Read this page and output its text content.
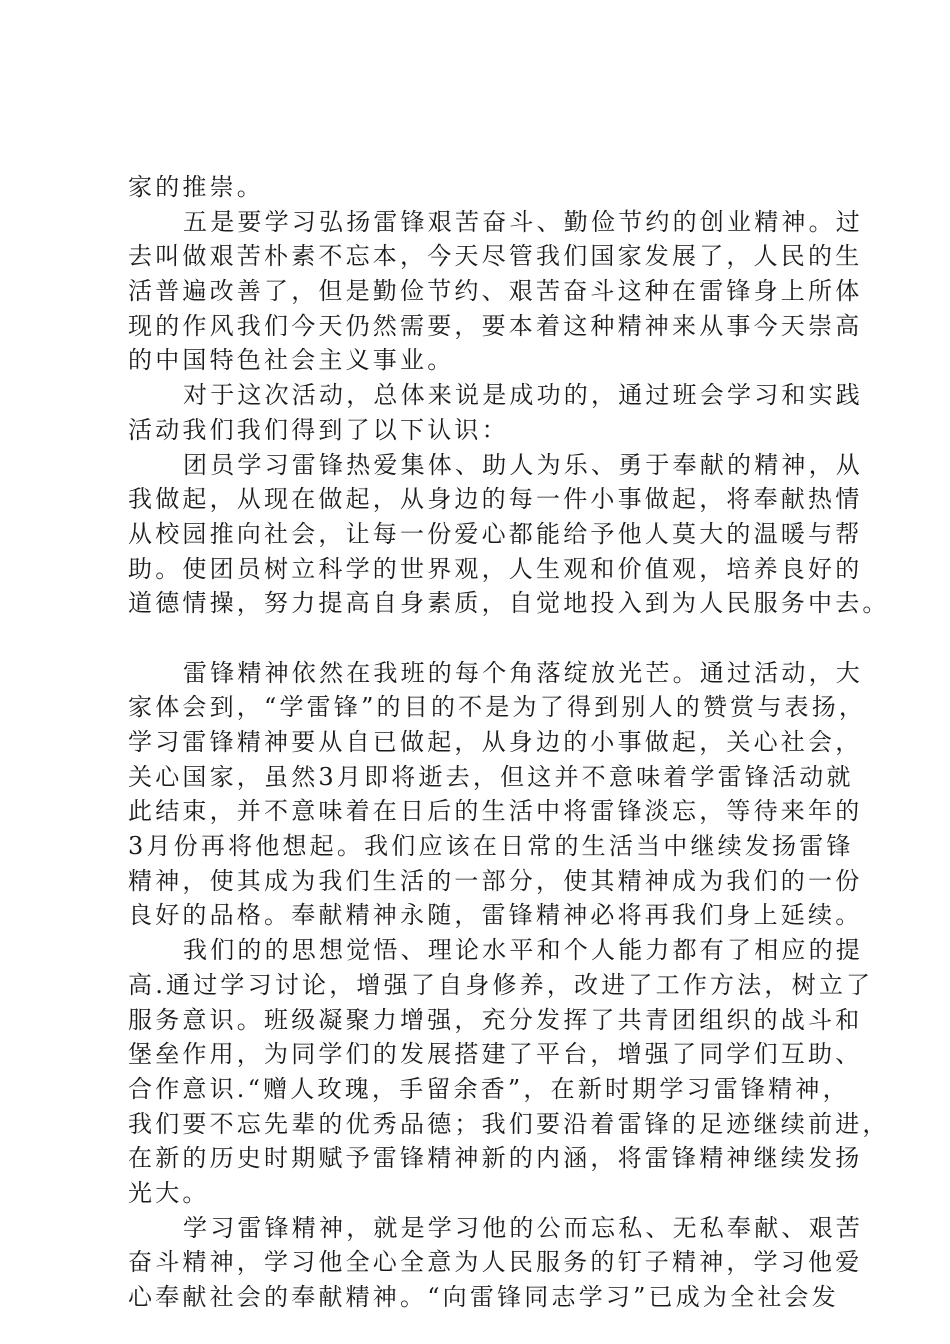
家的推崇。
五是要学习弘扬雷锋艰苦奋斗、勤俭节约的创业精神。过
去叫做艰苦朴素不忘本，今天尽管我们国家发展了，人民的生
活普遍改善了，但是勤俭节约、艰苦奋斗这种在雷锋身上所体
现的作风我们今天仍然需要，要本着这种精神来从事今天崇高
的中国特色社会主义事业。
对于这次活动，总体来说是成功的，通过班会学习和实践
活动我们我们得到了以下认识：
团员学习雷锋热爱集体、助人为乐、勇于奉献的精神，从
我做起，从现在做起，从身边的每一件小事做起，将奉献热情
从校园推向社会，让每一份爱心都能给予他人莫大的温暖与帮
助。使团员树立科学的世界观，人生观和价值观，培养良好的
道德情操，努力提高自身素质，自觉地投入到为人民服务中去。
雷锋精神依然在我班的每个角落绽放光芒。通过活动，大
家体会到，“学雷锋”的目的不是为了得到别人的赞赏与表扬，
学习雷锋精神要从自已做起，从身边的小事做起，关心社会，
关心国家，虽然3月即将逝去，但这并不意味着学雷锋活动就
此结束，并不意味着在日后的生活中将雷锋淡忘，等待来年的
3月份再将他想起。我们应该在日常的生活当中继续发扬雷锋
精神，使其成为我们生活的一部分，使其精神成为我们的一份
良好的品格。奉献精神永随，雷锋精神必将再我们身上延续。
我们的的思想觉悟、理论水平和个人能力都有了相应的提
高.通过学习讨论，增强了自身修养，改进了工作方法，树立了
服务意识。班级凝聚力增强，充分发挥了共青团组织的战斗和
堡垒作用，为同学们的发展搭建了平台，增强了同学们互助、
合作意识.“赠人玫瑰，手留余香”，在新时期学习雷锋精神，
我们要不忘先辈的优秀品德；我们要沿着雷锋的足迹继续前进，
在新的历史时期赋予雷锋精神新的内涵，将雷锋精神继续发扬
光大。
学习雷锋精神，就是学习他的公而忘私、无私奉献、艰苦
奋斗精神，学习他全心全意为人民服务的钉子精神，学习他爱
心奉献社会的奉献精神。“向雷锋同志学习”已成为全社会发
